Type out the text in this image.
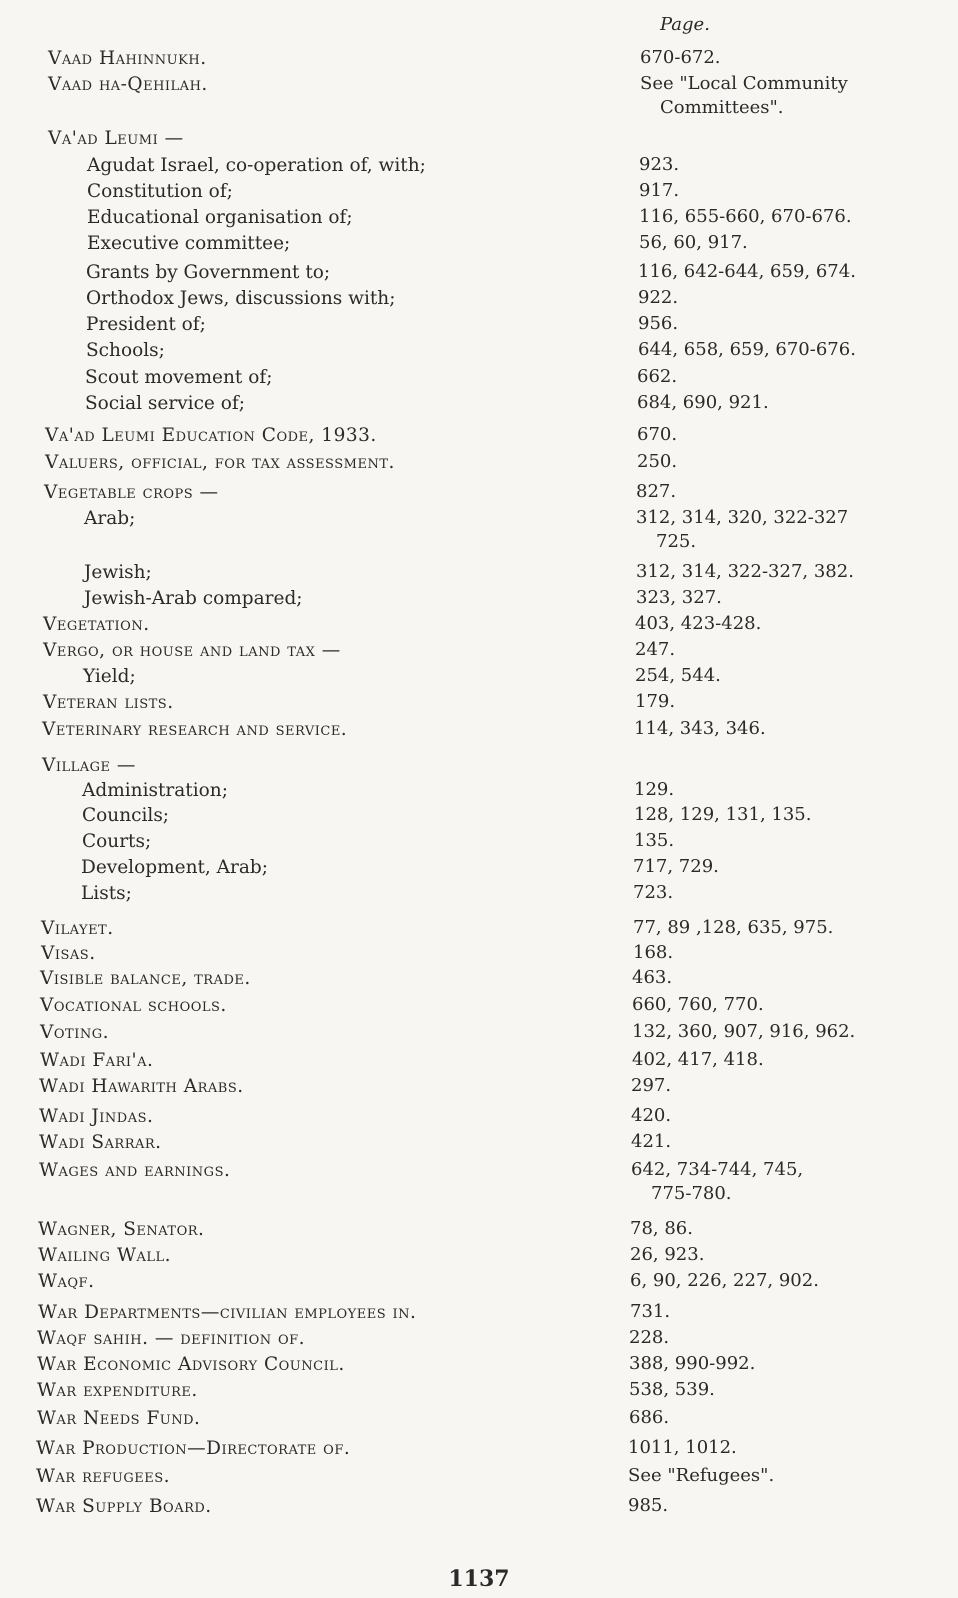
Page.
Vaad Hahinnukh.	670-672.
Vaad ha-Qehilah.	See "Local Community
Committees".
Va'ad Leumi —
Agudat Israel, co-operation of, with;	923.
Constitution of;	917.
Educational organisation of;	116, 655-660, 670-676.
Executive committee;	56, 60, 917.
Grants by Government to;	116, 642-644, 659, 674.
Orthodox Jews, discussions with;	922.
President of;	956.
Schools;	644, 658, 659, 670-676.
Scout movement of;	662.
Social service of;	684, 690, 921.
Va'ad Leumi Education Code, 1933.	670.
Valuers, official, for tax assessment.	250.
Vegetable crops —	827.
Arab;	312, 314, 320, 322-327
725.
Jewish;	312, 314, 322-327, 382.
Jewish-Arab compared;	323, 327.
Vegetation.	403, 423-428.
Vergo, or house and land tax —	247.
Yield;	254, 544.
Veteran lists.	179.
Veterinary research and service.	114, 343, 346.
Village —
Administration;	129.
Councils;	128, 129, 131, 135.
Courts;	135.
Development, Arab;	717, 729.
Lists;	723.
Vilayet.	77, 89 ,128, 635, 975.
Visas.	168.
Visible balance, trade.	463.
Vocational schools.	660, 760, 770.
Voting.	132, 360, 907, 916, 962.
Wadi Fari'a.	402, 417, 418.
Wadi Hawarith Arabs.	297.
Wadi Jindas.	420.
Wadi Sarrar.	421.
Wages and earnings.	642, 734-744, 745,
775-780.
Wagner, Senator.	78, 86.
Wailing Wall.	26, 923.
Waqf.	6, 90, 226, 227, 902.
War Departments—civilian employees in.	731.
Waqf sahih. — definition of.	228.
War Economic Advisory Council.	388, 990-992.
War expenditure.	538, 539.
War Needs Fund.	686.
War Production—Directorate of.	1011, 1012.
War refugees.	See "Refugees".
War Supply Board.	985.
1137
